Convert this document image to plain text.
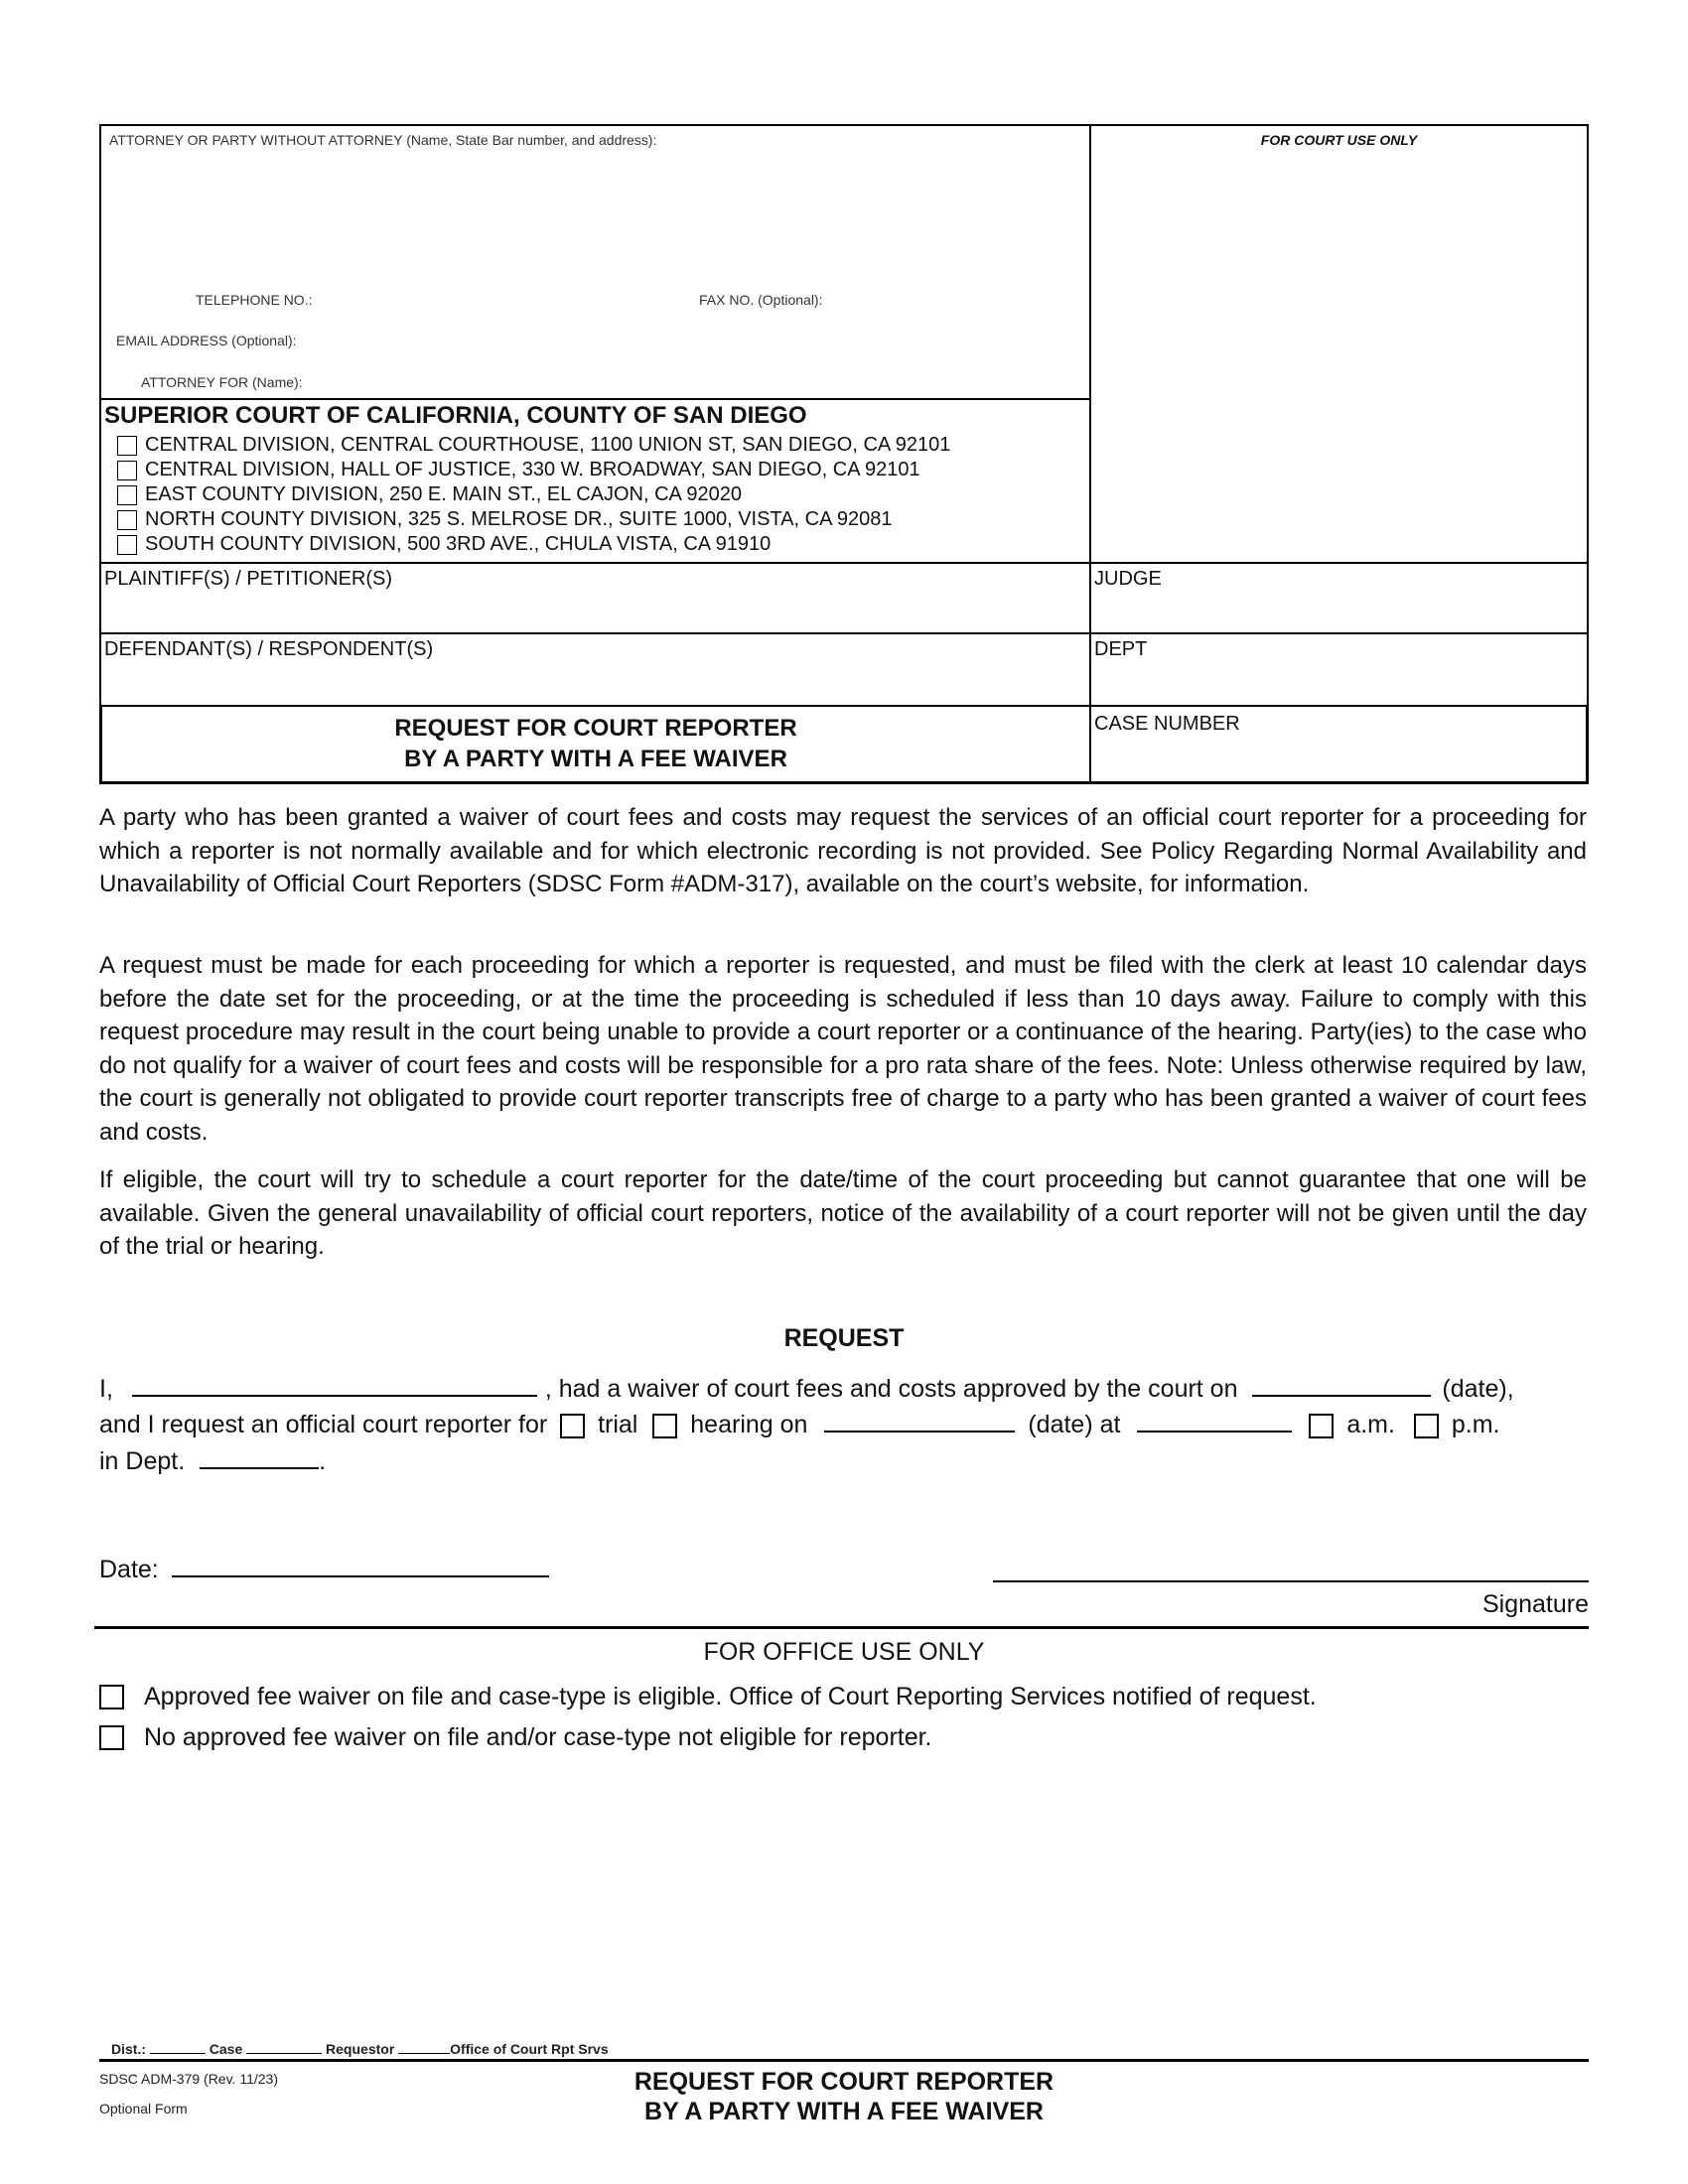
ATTORNEY OR PARTY WITHOUT ATTORNEY (Name, State Bar number, and address):
TELEPHONE NO.:	FAX NO. (Optional):
EMAIL ADDRESS (Optional):
ATTORNEY FOR (Name):
FOR COURT USE ONLY
SUPERIOR COURT OF CALIFORNIA, COUNTY OF SAN DIEGO
CENTRAL DIVISION, CENTRAL COURTHOUSE, 1100 UNION ST, SAN DIEGO, CA 92101
CENTRAL DIVISION, HALL OF JUSTICE, 330 W. BROADWAY, SAN DIEGO, CA 92101
EAST COUNTY DIVISION, 250 E. MAIN ST., EL CAJON, CA 92020
NORTH COUNTY DIVISION, 325 S. MELROSE DR., SUITE 1000, VISTA, CA 92081
SOUTH COUNTY DIVISION, 500 3RD AVE., CHULA VISTA, CA 91910
PLAINTIFF(S) / PETITIONER(S)	JUDGE
DEFENDANT(S) / RESPONDENT(S)	DEPT
REQUEST FOR COURT REPORTER
BY A PARTY WITH A FEE WAIVER
CASE NUMBER
A party who has been granted a waiver of court fees and costs may request the services of an official court reporter for a proceeding for which a reporter is not normally available and for which electronic recording is not provided. See Policy Regarding Normal Availability and Unavailability of Official Court Reporters (SDSC Form #ADM-317), available on the court’s website, for information.
A request must be made for each proceeding for which a reporter is requested, and must be filed with the clerk at least 10 calendar days before the date set for the proceeding, or at the time the proceeding is scheduled if less than 10 days away. Failure to comply with this request procedure may result in the court being unable to provide a court reporter or a continuance of the hearing. Party(ies) to the case who do not qualify for a waiver of court fees and costs will be responsible for a pro rata share of the fees. Note: Unless otherwise required by law, the court is generally not obligated to provide court reporter transcripts free of charge to a party who has been granted a waiver of court fees and costs.
If eligible, the court will try to schedule a court reporter for the date/time of the court proceeding but cannot guarantee that one will be available. Given the general unavailability of official court reporters, notice of the availability of a court reporter will not be given until the day of the trial or hearing.
REQUEST
I,	, had a waiver of court fees and costs approved by the court on	(date),
and I request an official court reporter for trial hearing on	(date) at	a.m. p.m.
in Dept.	.
Date:
Signature
FOR OFFICE USE ONLY
Approved fee waiver on file and case-type is eligible. Office of Court Reporting Services notified of request.
No approved fee waiver on file and/or case-type not eligible for reporter.
Dist.:	Case	Requestor	Office of Court Rpt Srvs
SDSC ADM-379 (Rev. 11/23)
Optional Form
REQUEST FOR COURT REPORTER
BY A PARTY WITH A FEE WAIVER
